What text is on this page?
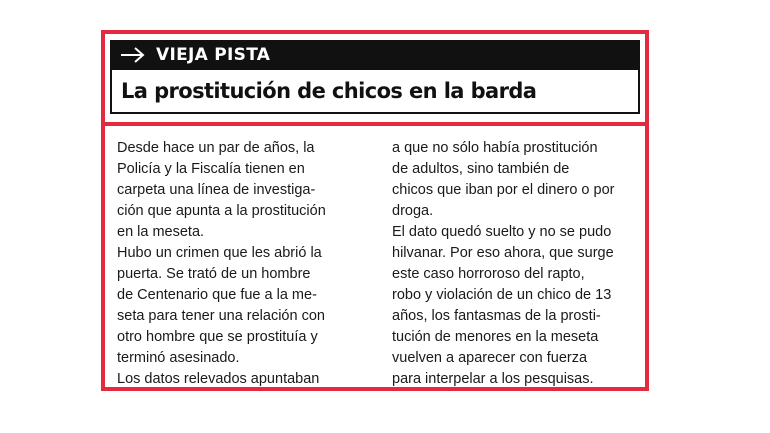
VIEJA PISTA
La prostitución de chicos en la barda
Desde hace un par de años, la
Policía y la Fiscalía tienen en
carpeta una línea de investiga-
ción que apunta a la prostitución
en la meseta.
Hubo un crimen que les abrió la
puerta. Se trató de un hombre
de Centenario que fue a la me-
seta para tener una relación con
otro hombre que se prostituía y
terminó asesinado.
Los datos relevados apuntaban
a que no sólo había prostitución
de adultos, sino también de
chicos que iban por el dinero o por
droga.
El dato quedó suelto y no se pudo
hilvanar. Por eso ahora, que surge
este caso horroroso del rapto,
robo y violación de un chico de 13
años, los fantasmas de la prosti-
tución de menores en la meseta
vuelven a aparecer con fuerza
para interpelar a los pesquisas.
